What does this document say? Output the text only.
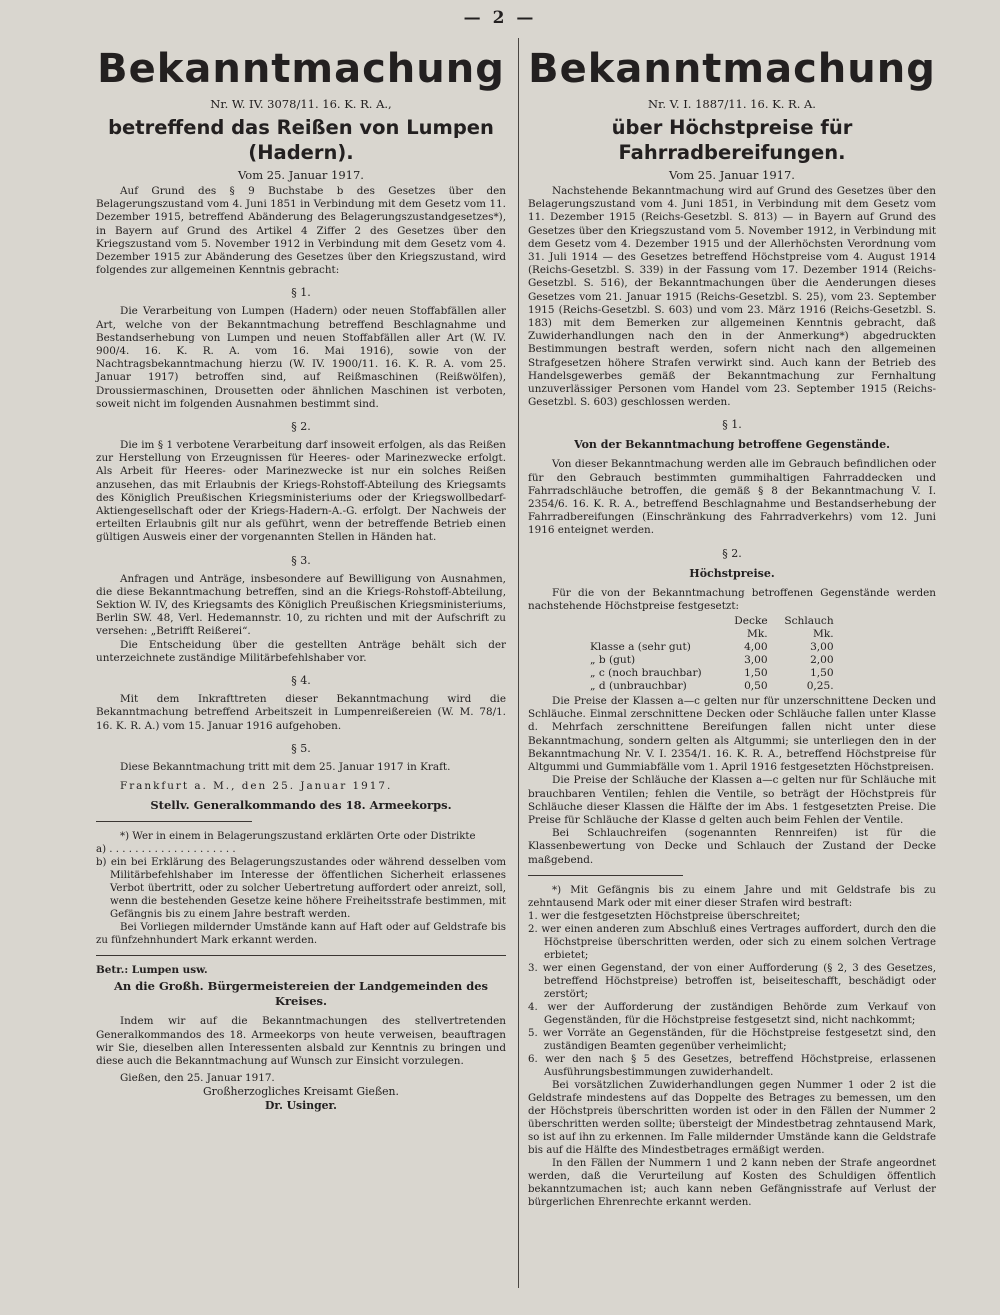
— 2 —
Bekanntmachung
Nr. W. IV. 3078/11. 16. K. R. A.,
betreffend das Reißen von Lumpen (Hadern).
Vom 25. Januar 1917.

Auf Grund des § 9 Buchstabe b des Gesetzes über den Belagerungszustand vom 4. Juni 1851 in Verbindung mit dem Gesetz vom 11. Dezember 1915, betreffend Abänderung des Belagerungszustandgesetzes*), in Bayern auf Grund des Artikel 4 Ziffer 2 des Gesetzes über den Kriegszustand vom 5. November 1912 in Verbindung mit dem Gesetz vom 4. Dezember 1915 zur Abänderung des Gesetzes über den Kriegszustand, wird folgendes zur allgemeinen Kenntnis gebracht:

§ 1.

Die Verarbeitung von Lumpen (Hadern) oder neuen Stoffabfällen aller Art, welche von der Bekanntmachung betreffend Beschlagnahme und Bestandserhebung von Lumpen und neuen Stoffabfällen aller Art (W. IV. 900/4. 16. K. R. A. vom 16. Mai 1916), sowie von der Nachtragsbekanntmachung hierzu (W. IV. 1900/11. 16. K. R. A. vom 25. Januar 1917) betroffen sind, auf Reißmaschinen (Reißwölfen), Droussiermaschinen, Drousetten oder ähnlichen Maschinen ist verboten, soweit nicht im folgenden Ausnahmen bestimmt sind.

§ 2.

Die im § 1 verbotene Verarbeitung darf insoweit erfolgen, als das Reißen zur Herstellung von Erzeugnissen für Heeres- oder Marinezwecke erfolgt. Als Arbeit für Heeres- oder Marinezwecke ist nur ein solches Reißen anzusehen, das mit Erlaubnis der Kriegs-Rohstoff-Abteilung des Kriegsamts des Königlich Preußischen Kriegsministeriums oder der Kriegswollbedarf-Aktiengesellschaft oder der Kriegs-Hadern-A.-G. erfolgt. Der Nachweis der erteilten Erlaubnis gilt nur als geführt, wenn der betreffende Betrieb einen gültigen Ausweis einer der vorgenannten Stellen in Händen hat.

§ 3.

Anfragen und Anträge, insbesondere auf Bewilligung von Ausnahmen, die diese Bekanntmachung betreffen, sind an die Kriegs-Rohstoff-Abteilung, Sektion W. IV, des Kriegsamts des Königlich Preußischen Kriegsministeriums, Berlin SW. 48, Verl. Hedemannstr. 10, zu richten und mit der Aufschrift zu versehen: „Betrifft Reißerei“.

Die Entscheidung über die gestellten Anträge behält sich der unterzeichnete zuständige Militärbefehlshaber vor.

§ 4.

Mit dem Inkrafttreten dieser Bekanntmachung wird die Bekanntmachung betreffend Arbeitszeit in Lumpenreißereien (W. M. 78/1. 16. K. R. A.) vom 15. Januar 1916 aufgehoben.

§ 5.

Diese Bekanntmachung tritt mit dem 25. Januar 1917 in Kraft.

Frankfurt a. M., den 25. Januar 1917.

Stellv. Generalkommando des 18. Armeekorps.

*) Wer in einem in Belagerungszustand erklärten Orte oder Distrikte

a) . . . . . . . . . . . . . . . . . . . .

b) ein bei Erklärung des Belagerungszustandes oder während desselben vom Militärbefehlshaber im Interesse der öffentlichen Sicherheit erlassenes Verbot übertritt, oder zu solcher Uebertretung auffordert oder anreizt, soll, wenn die bestehenden Gesetze keine höhere Freiheitsstrafe bestimmen, mit Gefängnis bis zu einem Jahre bestraft werden.

Bei Vorliegen mildernder Umstände kann auf Haft oder auf Geldstrafe bis zu fünfzehnhundert Mark erkannt werden.

Betr.: Lumpen usw.

An die Großh. Bürgermeistereien der Landgemeinden des Kreises.

Indem wir auf die Bekanntmachungen des stellvertretenden Generalkommandos des 18. Armeekorps von heute verweisen, beauftragen wir Sie, dieselben allen Interessenten alsbald zur Kenntnis zu bringen und diese auch die Bekanntmachung auf Wunsch zur Einsicht vorzulegen.

Gießen, den 25. Januar 1917.

Großherzogliches Kreisamt Gießen.
Dr. Usinger.
Bekanntmachung
Nr. V. I. 1887/11. 16. K. R. A.
über Höchstpreise für Fahrradbereifungen.
Vom 25. Januar 1917.

Nachstehende Bekanntmachung wird auf Grund des Gesetzes über den Belagerungszustand vom 4. Juni 1851, in Verbindung mit dem Gesetz vom 11. Dezember 1915 (Reichs-Gesetzbl. S. 813) — in Bayern auf Grund des Gesetzes über den Kriegszustand vom 5. November 1912, in Verbindung mit dem Gesetz vom 4. Dezember 1915 und der Allerhöchsten Verordnung vom 31. Juli 1914 — des Gesetzes betreffend Höchstpreise vom 4. August 1914 (Reichs-Gesetzbl. S. 339) in der Fassung vom 17. Dezember 1914 (Reichs-Gesetzbl. S. 516), der Bekanntmachungen über die Aenderungen dieses Gesetzes vom 21. Januar 1915 (Reichs-Gesetzbl. S. 25), vom 23. September 1915 (Reichs-Gesetzbl. S. 603) und vom 23. März 1916 (Reichs-Gesetzbl. S. 183) mit dem Bemerken zur allgemeinen Kenntnis gebracht, daß Zuwiderhandlungen nach den in der Anmerkung*) abgedruckten Bestimmungen bestraft werden, sofern nicht nach den allgemeinen Strafgesetzen höhere Strafen verwirkt sind. Auch kann der Betrieb des Handelsgewerbes gemäß der Bekanntmachung zur Fernhaltung unzuverlässiger Personen vom Handel vom 23. September 1915 (Reichs-Gesetzbl. S. 603) geschlossen werden.

§ 1.
Von der Bekanntmachung betroffene Gegenstände.

Von dieser Bekanntmachung werden alle im Gebrauch befindlichen oder für den Gebrauch bestimmten gummihaltigen Fahrraddecken und Fahrradschläuche betroffen, die gemäß § 8 der Bekanntmachung V. I. 2354/6. 16. K. R. A., betreffend Beschlagnahme und Bestandserhebung der Fahrradbereifungen (Einschränkung des Fahrradverkehrs) vom 12. Juni 1916 enteignet werden.

§ 2.
Höchstpreise.

Für die von der Bekanntmachung betroffenen Gegenstände werden nachstehende Höchstpreise festgesetzt:

	Decke	Schlauch
	Mk.	Mk.
Klasse a (sehr gut)	4,00	3,00
„ b (gut)	3,00	2,00
„ c (noch brauchbar)	1,50	1,50
„ d (unbrauchbar)	0,50	0,25.

Die Preise der Klassen a—c gelten nur für unzerschnittene Decken und Schläuche. Einmal zerschnittene Decken oder Schläuche fallen unter Klasse d. Mehrfach zerschnittene Bereifungen fallen nicht unter diese Bekanntmachung, sondern gelten als Altgummi; sie unterliegen den in der Bekanntmachung Nr. V. I. 2354/1. 16. K. R. A., betreffend Höchstpreise für Altgummi und Gummiabfälle vom 1. April 1916 festgesetzten Höchstpreisen.

Die Preise der Schläuche der Klassen a—c gelten nur für Schläuche mit brauchbaren Ventilen; fehlen die Ventile, so beträgt der Höchstpreis für Schläuche dieser Klassen die Hälfte der im Abs. 1 festgesetzten Preise. Die Preise für Schläuche der Klasse d gelten auch beim Fehlen der Ventile.

Bei Schlauchreifen (sogenannten Rennreifen) ist für die Klassenbewertung von Decke und Schlauch der Zustand der Decke maßgebend.

*) Mit Gefängnis bis zu einem Jahre und mit Geldstrafe bis zu zehntausend Mark oder mit einer dieser Strafen wird bestraft:

1. wer die festgesetzten Höchstpreise überschreitet;
2. wer einen anderen zum Abschluß eines Vertrages auffordert, durch den die Höchstpreise überschritten werden, oder sich zu einem solchen Vertrage erbietet;
3. wer einen Gegenstand, der von einer Aufforderung (§ 2, 3 des Gesetzes, betreffend Höchstpreise) betroffen ist, beiseiteschafft, beschädigt oder zerstört;
4. wer der Aufforderung der zuständigen Behörde zum Verkauf von Gegenständen, für die Höchstpreise festgesetzt sind, nicht nachkommt;
5. wer Vorräte an Gegenständen, für die Höchstpreise festgesetzt sind, den zuständigen Beamten gegenüber verheimlicht;
6. wer den nach § 5 des Gesetzes, betreffend Höchstpreise, erlassenen Ausführungsbestimmungen zuwiderhandelt.

Bei vorsätzlichen Zuwiderhandlungen gegen Nummer 1 oder 2 ist die Geldstrafe mindestens auf das Doppelte des Betrages zu bemessen, um den der Höchstpreis überschritten worden ist oder in den Fällen der Nummer 2 überschritten werden sollte; übersteigt der Mindestbetrag zehntausend Mark, so ist auf ihn zu erkennen. Im Falle mildernder Umstände kann die Geldstrafe bis auf die Hälfte des Mindestbetrages ermäßigt werden.

In den Fällen der Nummern 1 und 2 kann neben der Strafe angeordnet werden, daß die Verurteilung auf Kosten des Schuldigen öffentlich bekanntzumachen ist; auch kann neben Gefängnisstrafe auf Verlust der bürgerlichen Ehrenrechte erkannt werden.
